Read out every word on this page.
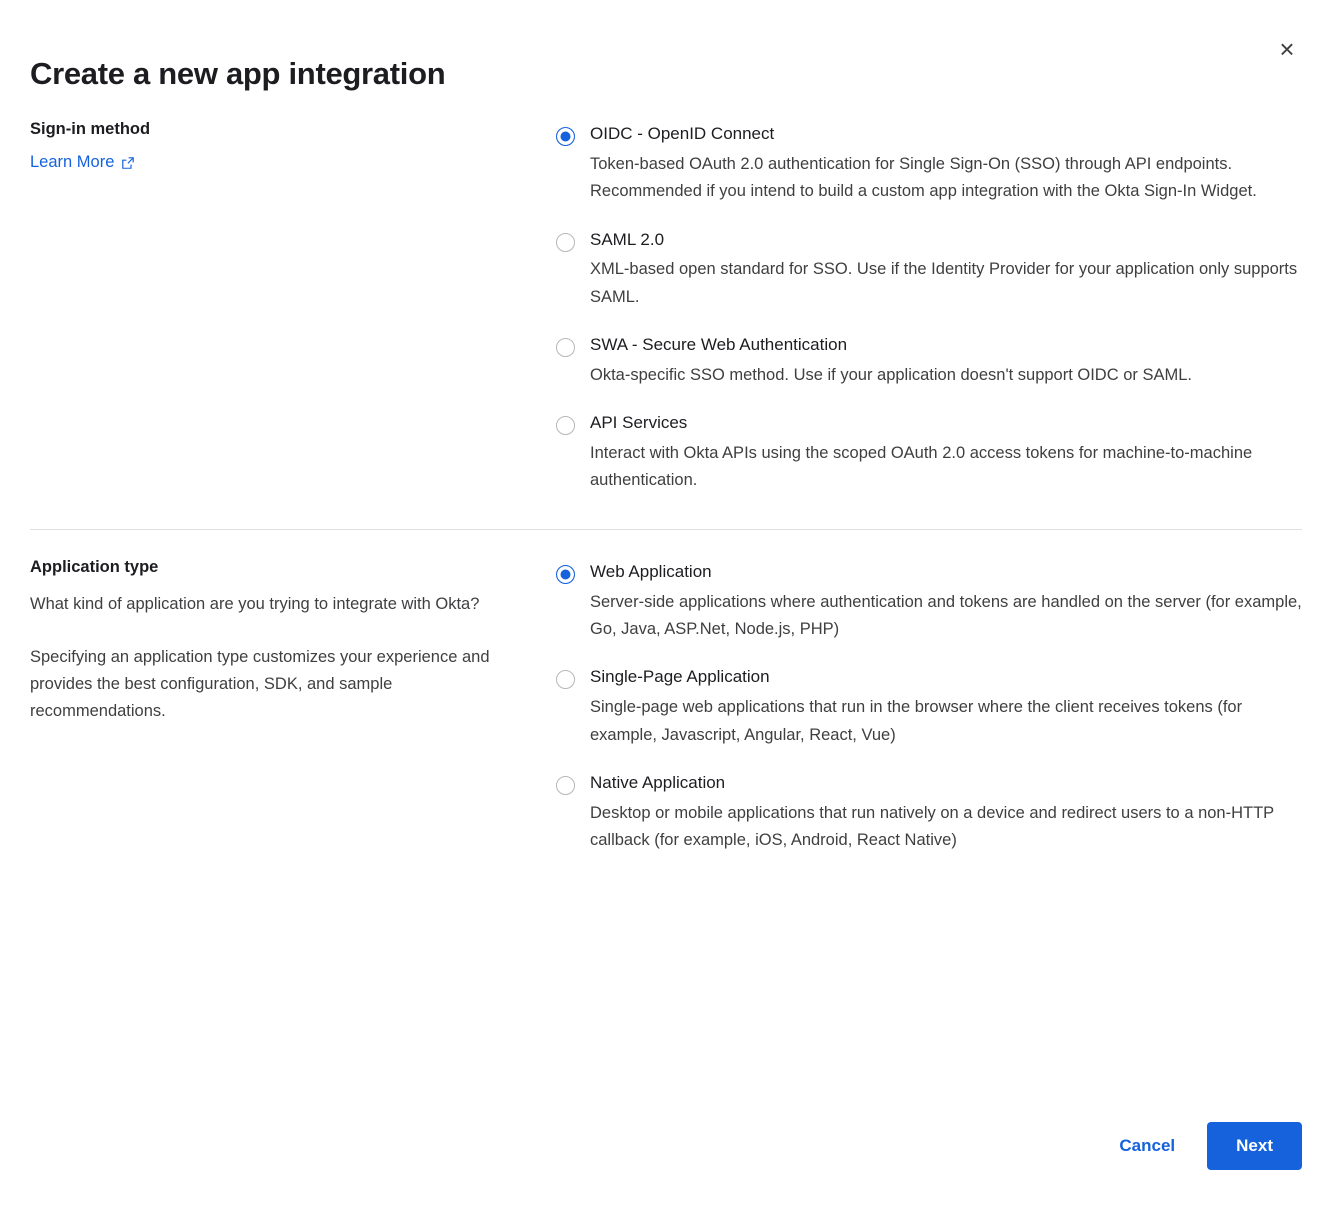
×
Create a new app integration
Sign-in method
Learn More
OIDC - OpenID Connect
Token-based OAuth 2.0 authentication for Single Sign-On (SSO) through API endpoints. Recommended if you intend to build a custom app integration with the Okta Sign-In Widget.
SAML 2.0
XML-based open standard for SSO. Use if the Identity Provider for your application only supports SAML.
SWA - Secure Web Authentication
Okta-specific SSO method. Use if your application doesn't support OIDC or SAML.
API Services
Interact with Okta APIs using the scoped OAuth 2.0 access tokens for machine-to-machine authentication.
Application type

What kind of application are you trying to integrate with Okta?

Specifying an application type customizes your experience and provides the best configuration, SDK, and sample recommendations.

Web Application
Server-side applications where authentication and tokens are handled on the server (for example, Go, Java, ASP.Net, Node.js, PHP)
Single-Page Application
Single-page web applications that run in the browser where the client receives tokens (for example, Javascript, Angular, React, Vue)
Native Application
Desktop or mobile applications that run natively on a device and redirect users to a non-HTTP callback (for example, iOS, Android, React Native)
Cancel	Next
